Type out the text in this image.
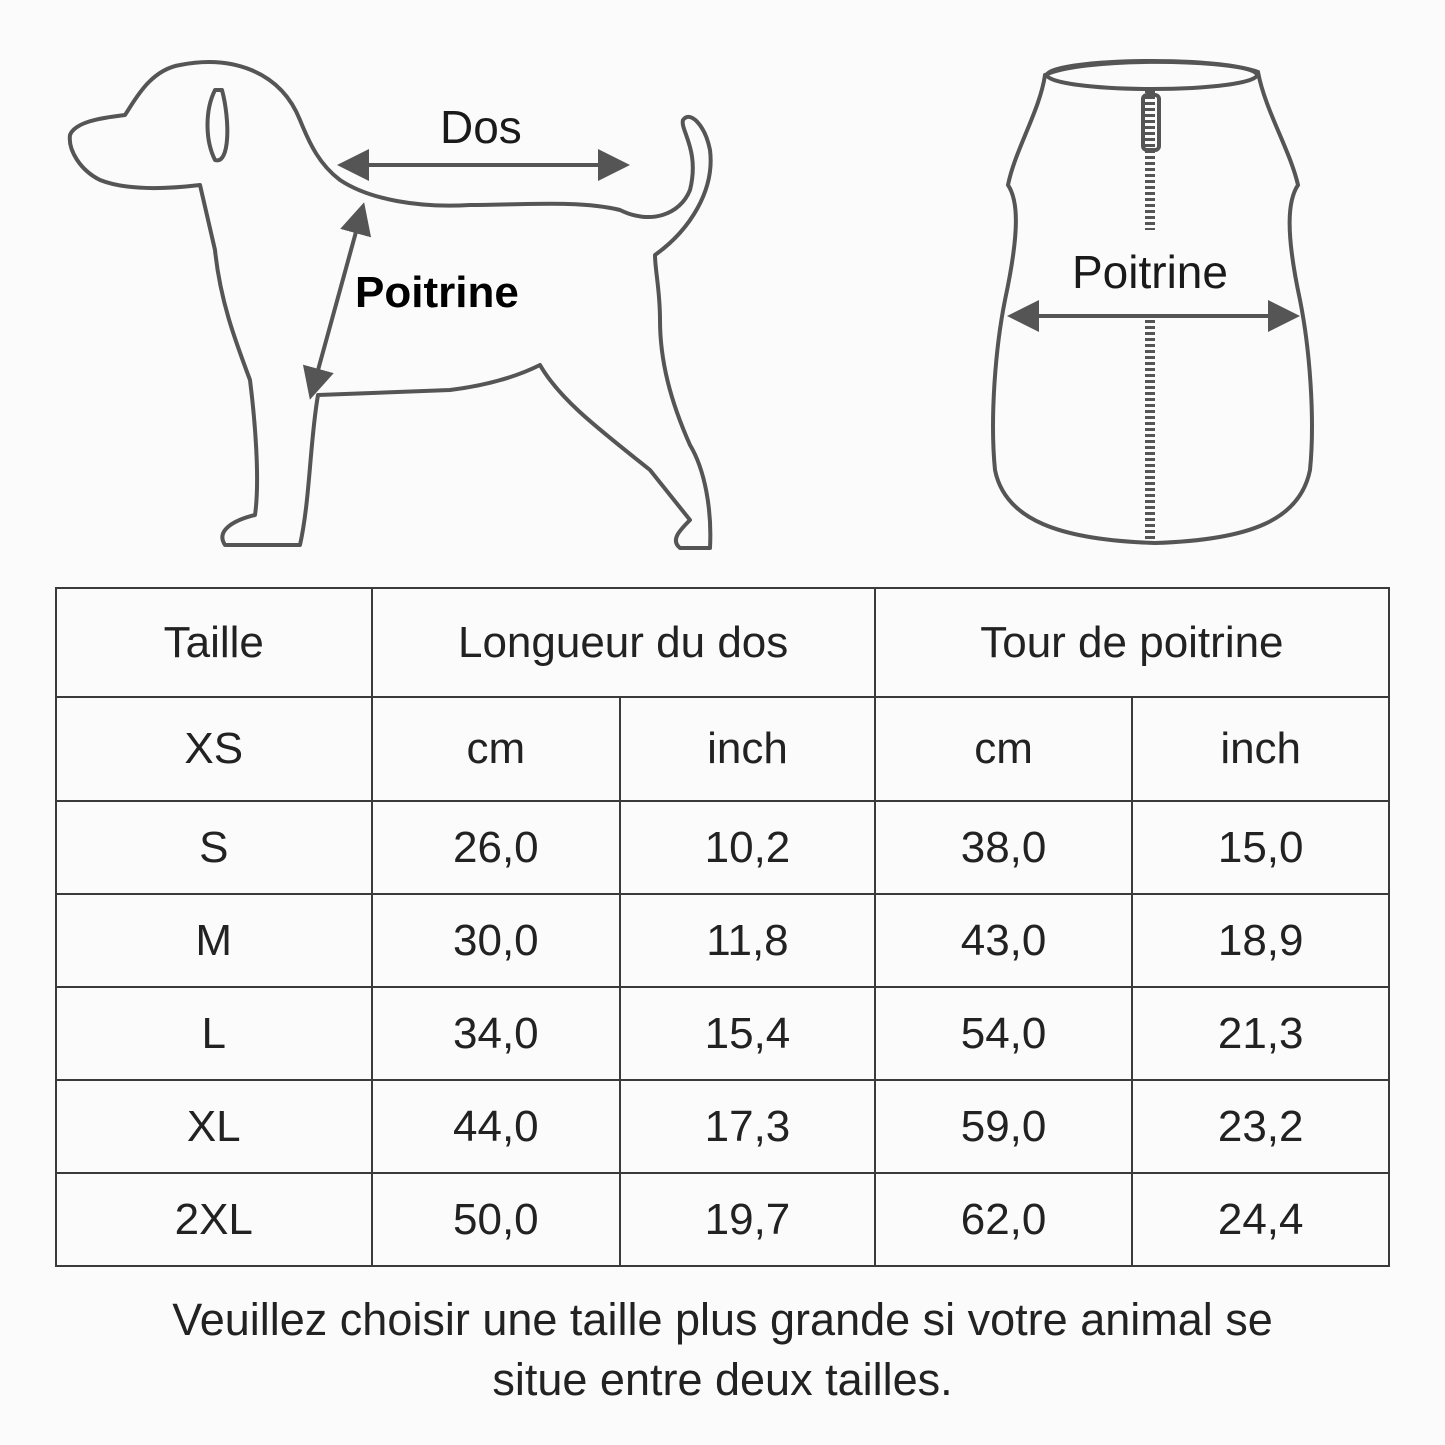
Dos
Poitrine	Poitrine
Taille	Longueur du dos		Tour de poitrine	
XS	cm	inch	cm	inch
S	26,0	10,2	38,0	15,0
M	30,0	11,8	43,0	18,9
L	34,0	15,4	54,0	21,3
XL	44,0	17,3	59,0	23,2
2XL	50,0	19,7	62,0	24,4
Veuillez choisir une taille plus grande si votre animal se
situe entre deux tailles.
